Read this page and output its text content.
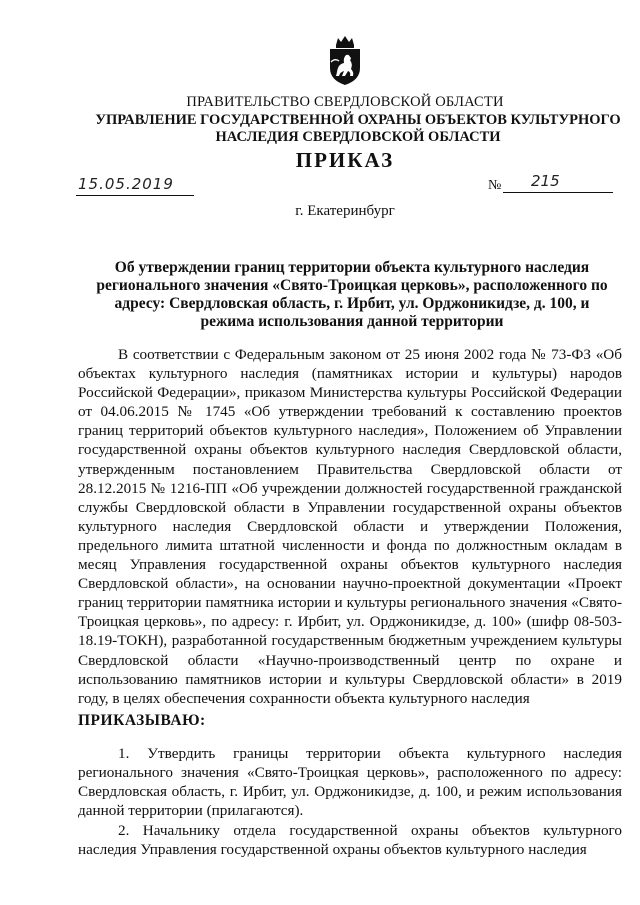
ПРАВИТЕЛЬСТВО СВЕРДЛОВСКОЙ ОБЛАСТИ
УПРАВЛЕНИЕ ГОСУДАРСТВЕННОЙ ОХРАНЫ ОБЪЕКТОВ КУЛЬТУРНОГО НАСЛЕДИЯ СВЕРДЛОВСКОЙ ОБЛАСТИ
ПРИКАЗ
15.05.2019	№	215
г. Екатеринбург
Об утверждении границ территории объекта культурного наследия регионального значения «Свято-Троицкая церковь», расположенного по адресу: Свердловская область, г. Ирбит, ул. Орджоникидзе, д. 100, и режима использования данной территории

В соответствии с Федеральным законом от 25 июня 2002 года № 73-ФЗ «Об объектах культурного наследия (памятниках истории и культуры) народов Российской Федерации», приказом Министерства культуры Российской Федерации от 04.06.2015 № 1745 «Об утверждении требований к составлению проектов границ территорий объектов культурного наследия», Положением об Управлении государственной охраны объектов культурного наследия Свердловской области, утвержденным постановлением Правительства Свердловской области от 28.12.2015 № 1216-ПП «Об учреждении должностей государственной гражданской службы Свердловской области в Управлении государственной охраны объектов культурного наследия Свердловской области и утверждении Положения, предельного лимита штатной численности и фонда по должностным окладам в месяц Управления государственной охраны объектов культурного наследия Свердловской области», на основании научно-проектной документации «Проект границ территории памятника истории и культуры регионального значения «Свято-Троицкая церковь», по адресу: г. Ирбит, ул. Орджоникидзе, д. 100» (шифр 08-503-18.19-ТОКН), разработанной государственным бюджетным учреждением культуры Свердловской области «Научно-производственный центр по охране и использованию памятников истории и культуры Свердловской области» в 2019 году, в целях обеспечения сохранности объекта культурного наследия

ПРИКАЗЫВАЮ:

1. Утвердить границы территории объекта культурного наследия регионального значения «Свято-Троицкая церковь», расположенного по адресу: Свердловская область, г. Ирбит, ул. Орджоникидзе, д. 100, и режим использования данной территории (прилагаются).

2. Начальнику отдела государственной охраны объектов культурного наследия Управления государственной охраны объектов культурного наследия
